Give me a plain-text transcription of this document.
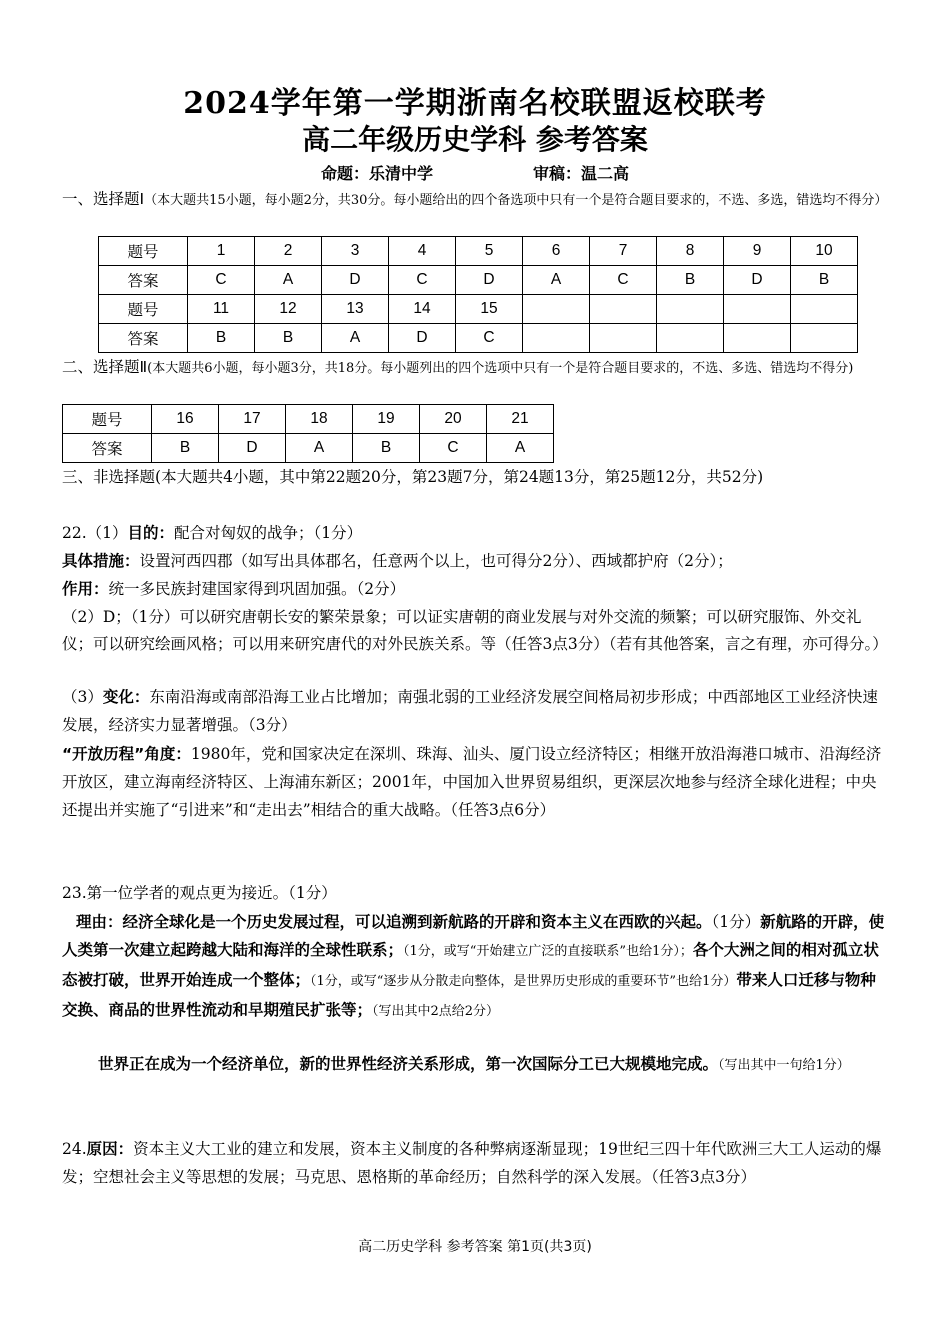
2024学年第一学期浙南名校联盟返校联考
高二年级历史学科 参考答案
命题：乐清中学	审稿：温二高
一、选择题Ⅰ（本大题共15小题，每小题2分，共30分。每小题给出的四个备选项中只有一个是符合题目要求的，不选、多选，错选均不得分）
题号	1	2	3	4	5	6	7	8	9	10
答案	C	A	D	C	D	A	C	B	D	B
题号	11	12	13	14	15					
答案	B	B	A	D	C					
二、选择题Ⅱ(本大题共6小题，每小题3分，共18分。每小题列出的四个选项中只有一个是符合题目要求的，不选、多选、错选均不得分)
题号	16	17	18	19	20	21
答案	B	D	A	B	C	A
三、非选择题(本大题共4小题，其中第22题20分，第23题7分，第24题13分，第25题12分，共52分)
22.（1）目的：配合对匈奴的战争；（1分）
具体措施：设置河西四郡（如写出具体郡名，任意两个以上，也可得分2分）、西域都护府（2分）；
作用：统一多民族封建国家得到巩固加强。（2分）
（2）D；（1分）可以研究唐朝长安的繁荣景象；可以证实唐朝的商业发展与对外交流的频繁；可以研究服饰、外交礼仪；可以研究绘画风格；可以用来研究唐代的对外民族关系。等（任答3点3分）（若有其他答案，言之有理，亦可得分。）
（3）变化：东南沿海或南部沿海工业占比增加；南强北弱的工业经济发展空间格局初步形成；中西部地区工业经济快速发展，经济实力显著增强。（3分）
“开放历程”角度：1980年，党和国家决定在深圳、珠海、汕头、厦门设立经济特区；相继开放沿海港口城市、沿海经济开放区，建立海南经济特区、上海浦东新区；2001年，中国加入世界贸易组织，更深层次地参与经济全球化进程；中央还提出并实施了“引进来”和“走出去”相结合的重大战略。（任答3点6分）
23.第一位学者的观点更为接近。（1分）
理由：经济全球化是一个历史发展过程，可以追溯到新航路的开辟和资本主义在西欧的兴起。（1分）新航路的开辟，使人类第一次建立起跨越大陆和海洋的全球性联系；（1分，或写“开始建立广泛的直接联系”也给1分）；各个大洲之间的相对孤立状态被打破，世界开始连成一个整体；（1分，或写“逐步从分散走向整体，是世界历史形成的重要环节”也给1分）带来人口迁移与物种交换、商品的世界性流动和早期殖民扩张等；（写出其中2点给2分）
世界正在成为一个经济单位，新的世界性经济关系形成，第一次国际分工已大规模地完成。（写出其中一句给1分）
24.原因：资本主义大工业的建立和发展，资本主义制度的各种弊病逐渐显现；19世纪三四十年代欧洲三大工人运动的爆发；空想社会主义等思想的发展；马克思、恩格斯的革命经历；自然科学的深入发展。（任答3点3分）
高二历史学科 参考答案 第1页(共3页)
